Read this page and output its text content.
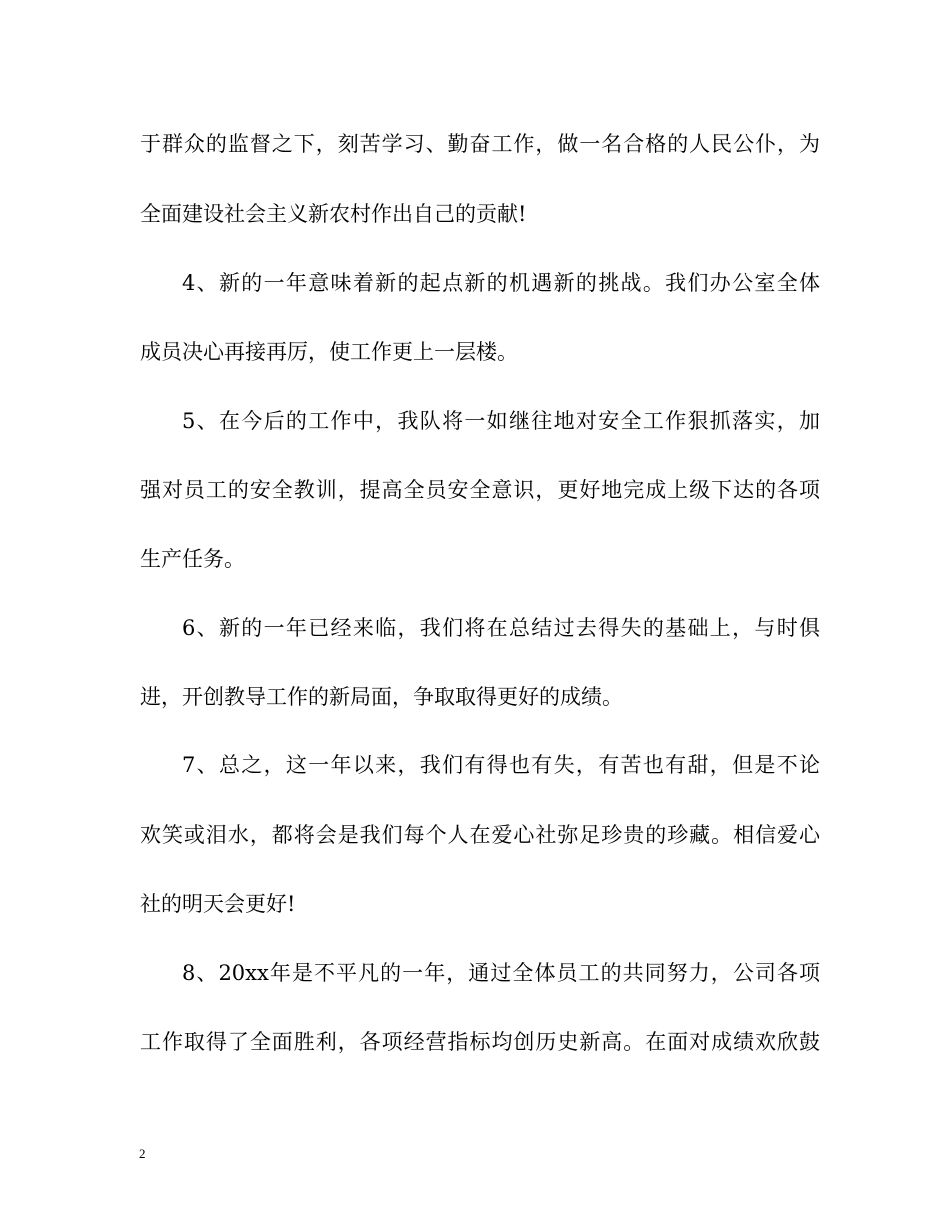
于群众的监督之下，刻苦学习、勤奋工作，做一名合格的人民公仆，为
全面建设社会主义新农村作出自己的贡献!
4、新的一年意味着新的起点新的机遇新的挑战。我们办公室全体
成员决心再接再厉，使工作更上一层楼。
5、在今后的工作中，我队将一如继往地对安全工作狠抓落实，加
强对员工的安全教训，提高全员安全意识，更好地完成上级下达的各项
生产任务。
6、新的一年已经来临，我们将在总结过去得失的基础上，与时俱
进，开创教导工作的新局面，争取取得更好的成绩。
7、总之，这一年以来，我们有得也有失，有苦也有甜，但是不论
欢笑或泪水，都将会是我们每个人在爱心社弥足珍贵的珍藏。相信爱心
社的明天会更好!
8、20xx年是不平凡的一年，通过全体员工的共同努力，公司各项
工作取得了全面胜利，各项经营指标均创历史新高。在面对成绩欢欣鼓
2
